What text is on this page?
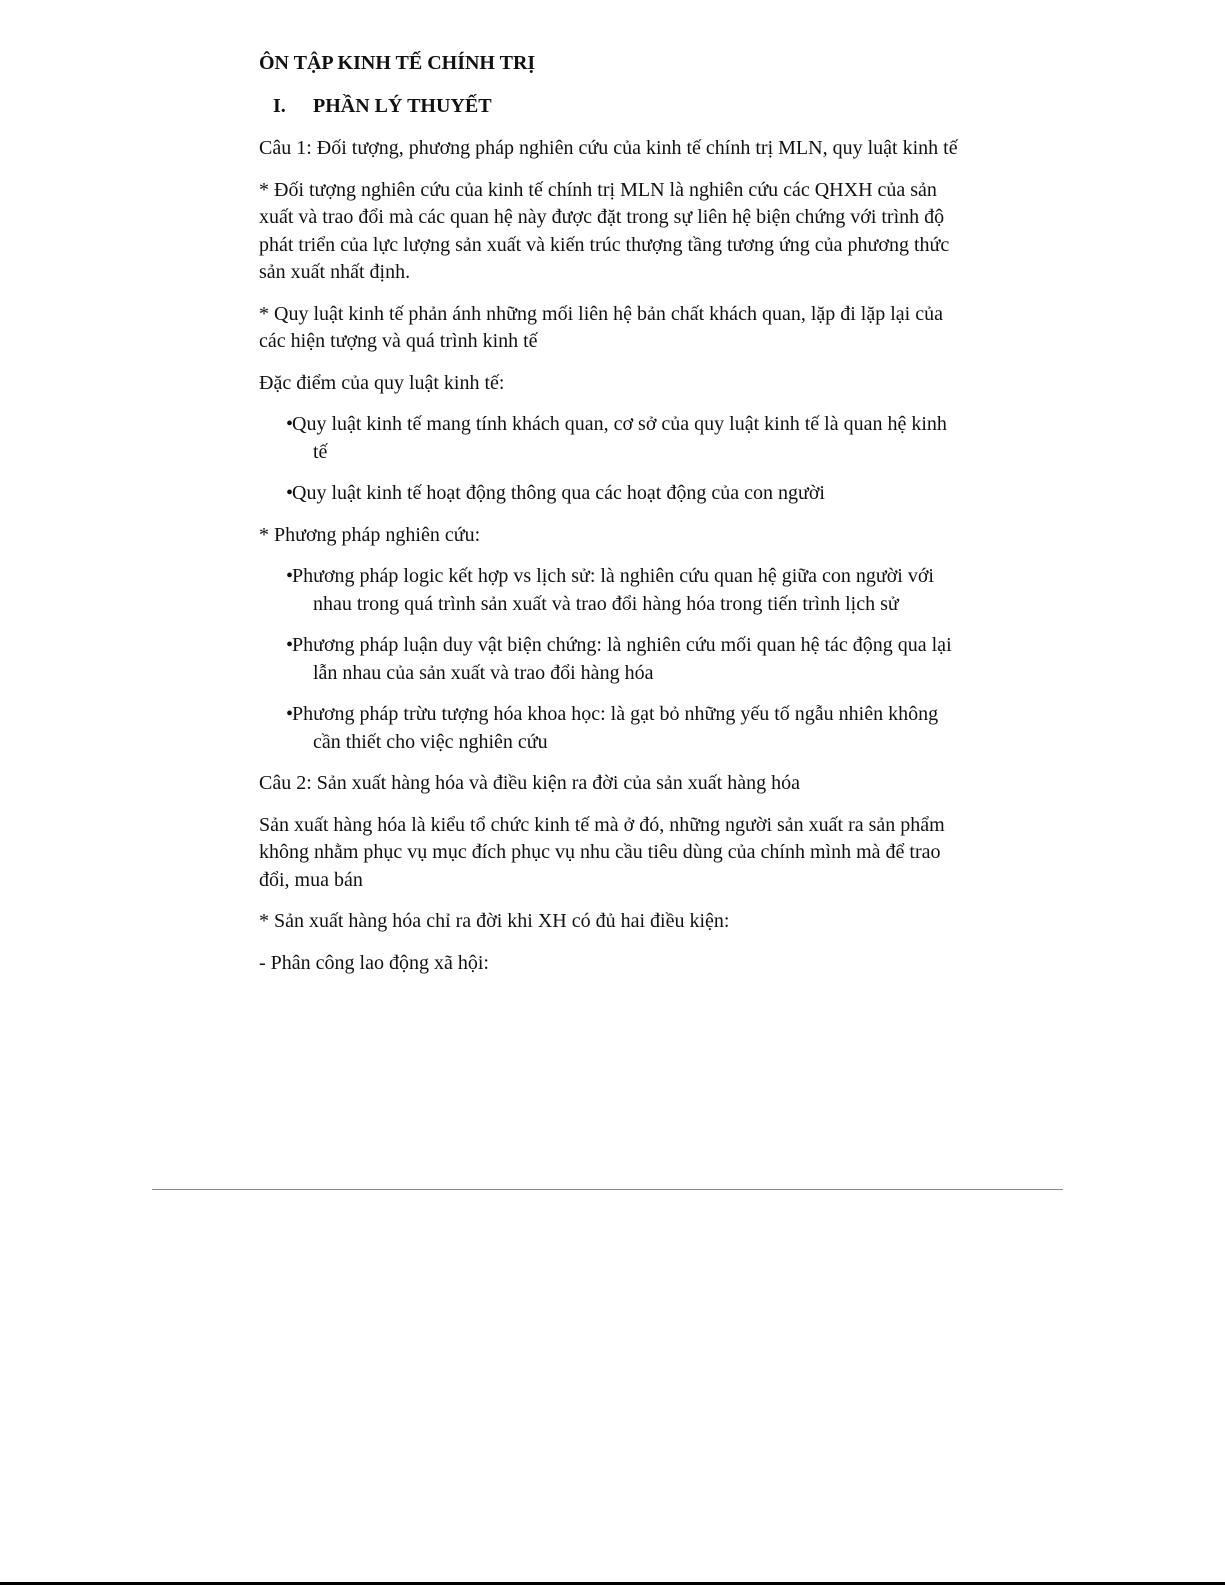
ÔN TẬP KINH TẾ CHÍNH TRỊ
I.	PHẦN LÝ THUYẾT

Câu 1: Đối tượng, phương pháp nghiên cứu của kinh tế chính trị MLN, quy luật kinh tế

* Đối tượng nghiên cứu của kinh tế chính trị MLN là nghiên cứu các QHXH của sản xuất và trao đổi mà các quan hệ này được đặt trong sự liên hệ biện chứng với trình độ phát triển của lực lượng sản xuất và kiến trúc thượng tầng tương ứng của phương thức sản xuất nhất định.

* Quy luật kinh tế phản ánh những mối liên hệ bản chất khách quan, lặp đi lặp lại của các hiện tượng và quá trình kinh tế

Đặc điểm của quy luật kinh tế:

•Quy luật kinh tế mang tính khách quan, cơ sở của quy luật kinh tế là quan hệ kinh tế

•Quy luật kinh tế hoạt động thông qua các hoạt động của con người

* Phương pháp nghiên cứu:

•Phương pháp logic kết hợp vs lịch sử: là nghiên cứu quan hệ giữa con người với nhau trong quá trình sản xuất và trao đổi hàng hóa trong tiến trình lịch sử

•Phương pháp luận duy vật biện chứng: là nghiên cứu mối quan hệ tác động qua lại lẫn nhau của sản xuất và trao đổi hàng hóa

•Phương pháp trừu tượng hóa khoa học: là gạt bỏ những yếu tố ngẫu nhiên không cần thiết cho việc nghiên cứu

Câu 2: Sản xuất hàng hóa và điều kiện ra đời của sản xuất hàng hóa

Sản xuất hàng hóa là kiểu tổ chức kinh tế mà ở đó, những người sản xuất ra sản phẩm không nhằm phục vụ mục đích phục vụ nhu cầu tiêu dùng của chính mình mà để trao đổi, mua bán

* Sản xuất hàng hóa chỉ ra đời khi XH có đủ hai điều kiện:

- Phân công lao động xã hội:
